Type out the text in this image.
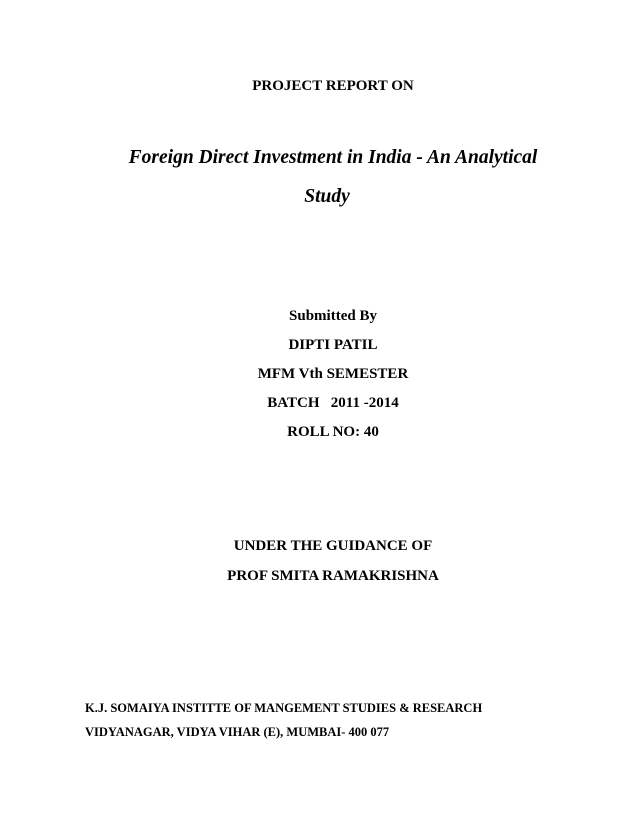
PROJECT REPORT ON
Foreign Direct Investment in India - An Analytical
Study
Submitted By
DIPTI PATIL
MFM Vth SEMESTER
BATCH   2011 -2014
ROLL NO: 40
UNDER THE GUIDANCE OF
PROF SMITA RAMAKRISHNA
K.J. SOMAIYA INSTITTE OF MANGEMENT STUDIES & RESEARCH
VIDYANAGAR, VIDYA VIHAR (E), MUMBAI- 400 077
